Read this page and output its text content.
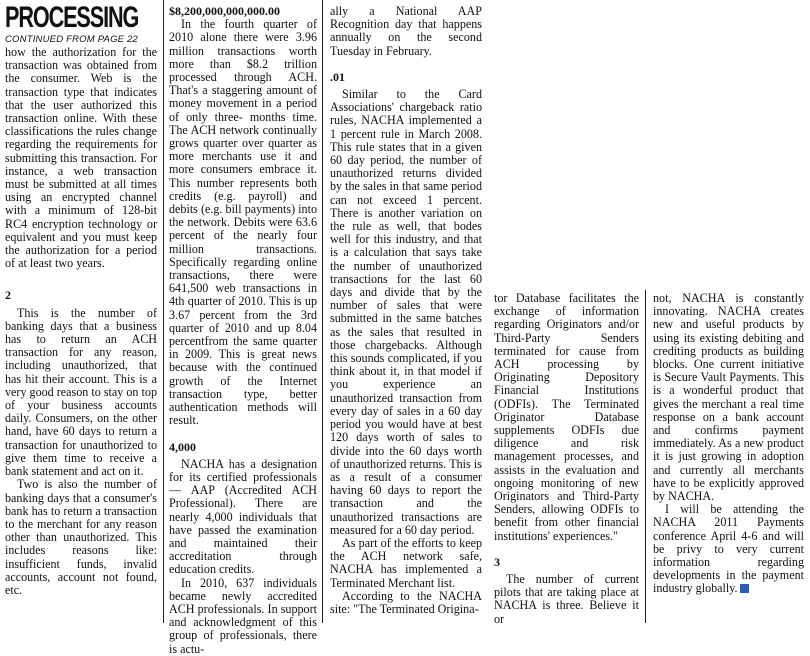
PROCESSING
CONTINUED FROM PAGE 22

how the authorization for the transaction was obtained from the consumer. Web is the transaction type that indicates that the user authorized this transaction online. With these classifications the rules change regarding the requirements for submitting this transaction. For instance, a web transaction must be submitted at all times using an encrypted channel with a minimum of 128-bit RC4 encryption technology or equivalent and you must keep the authorization for a period of at least two years.

2

This is the number of banking days that a business has to return an ACH transaction for any reason, including unauthorized, that has hit their account. This is a very good reason to stay on top of your business accounts daily. Consumers, on the other hand, have 60 days to return a transaction for unauthorized to give them time to receive a bank statement and act on it.

Two is also the number of banking days that a consumer's bank has to return a transaction to the merchant for any reason other than unauthorized. This includes reasons like: insufficient funds, invalid accounts, account not found, etc.

$8,200,000,000,000.00

In the fourth quarter of 2010 alone there were 3.96 million transactions worth more than $8.2 trillion processed through ACH. That's a staggering amount of money movement in a period of only three- months time. The ACH network continually grows quarter over quarter as more merchants use it and more consumers embrace it. This number represents both credits (e.g. payroll) and debits (e.g. bill payments) into the network. Debits were 63.6 percent of the nearly four million transactions. Specifically regarding online transactions, there were 641,500 web transactions in 4th quarter of 2010. This is up 3.67 percent from the 3rd quarter of 2010 and up 8.04 percentfrom the same quarter in 2009. This is great news because with the continued growth of the Internet transaction type, better authentication methods will result.

4,000

NACHA has a designation for its certified professionals — AAP (Accredited ACH Professional). There are nearly 4,000 individuals that have passed the examination and maintained their accreditation through education credits.

In 2010, 637 individuals became newly accredited ACH professionals. In support and acknowledgment of this group of professionals, there is actu-

ally a National AAP Recognition day that happens annually on the second Tuesday in February.

.01

Similar to the Card Associations' chargeback ratio rules, NACHA implemented a 1 percent rule in March 2008. This rule states that in a given 60 day period, the number of unauthorized returns divided by the sales in that same period can not exceed 1 percent. There is another variation on the rule as well, that bodes well for this industry, and that is a calculation that says take the number of unauthorized transactions for the last 60 days and divide that by the number of sales that were submitted in the same batches as the sales that resulted in those chargebacks. Although this sounds complicated, if you think about it, in that model if you experience an unauthorized transaction from every day of sales in a 60 day period you would have at best 120 days worth of sales to divide into the 60 days worth of unauthorized returns. This is as a result of a consumer having 60 days to report the transaction and the unauthorized transactions are measured for a 60 day period.

As part of the efforts to keep the ACH network safe, NACHA has implemented a Terminated Merchant list.

According to the NACHA site: "The Terminated Origina-

tor Database facilitates the exchange of information regarding Originators and/or Third-Party Senders terminated for cause from ACH processing by Originating Depository Financial Institutions (ODFIs). The Terminated Originator Database supplements ODFIs due diligence and risk management processes, and assists in the evaluation and ongoing monitoring of new Originators and Third-Party Senders, allowing ODFIs to benefit from other financial institutions' experiences."

3

The number of current pilots that are taking place at NACHA is three. Believe it or

not, NACHA is constantly innovating. NACHA creates new and useful products by using its existing debiting and crediting products as building blocks. One current initiative is Secure Vault Payments. This is a wonderful product that gives the merchant a real time response on a bank account and confirms payment immediately. As a new product it is just growing in adoption and currently all merchants have to be explicitly approved by NACHA.

I will be attending the NACHA 2011 Payments conference April 4-6 and will be privy to very current information regarding developments in the payment industry globally.
